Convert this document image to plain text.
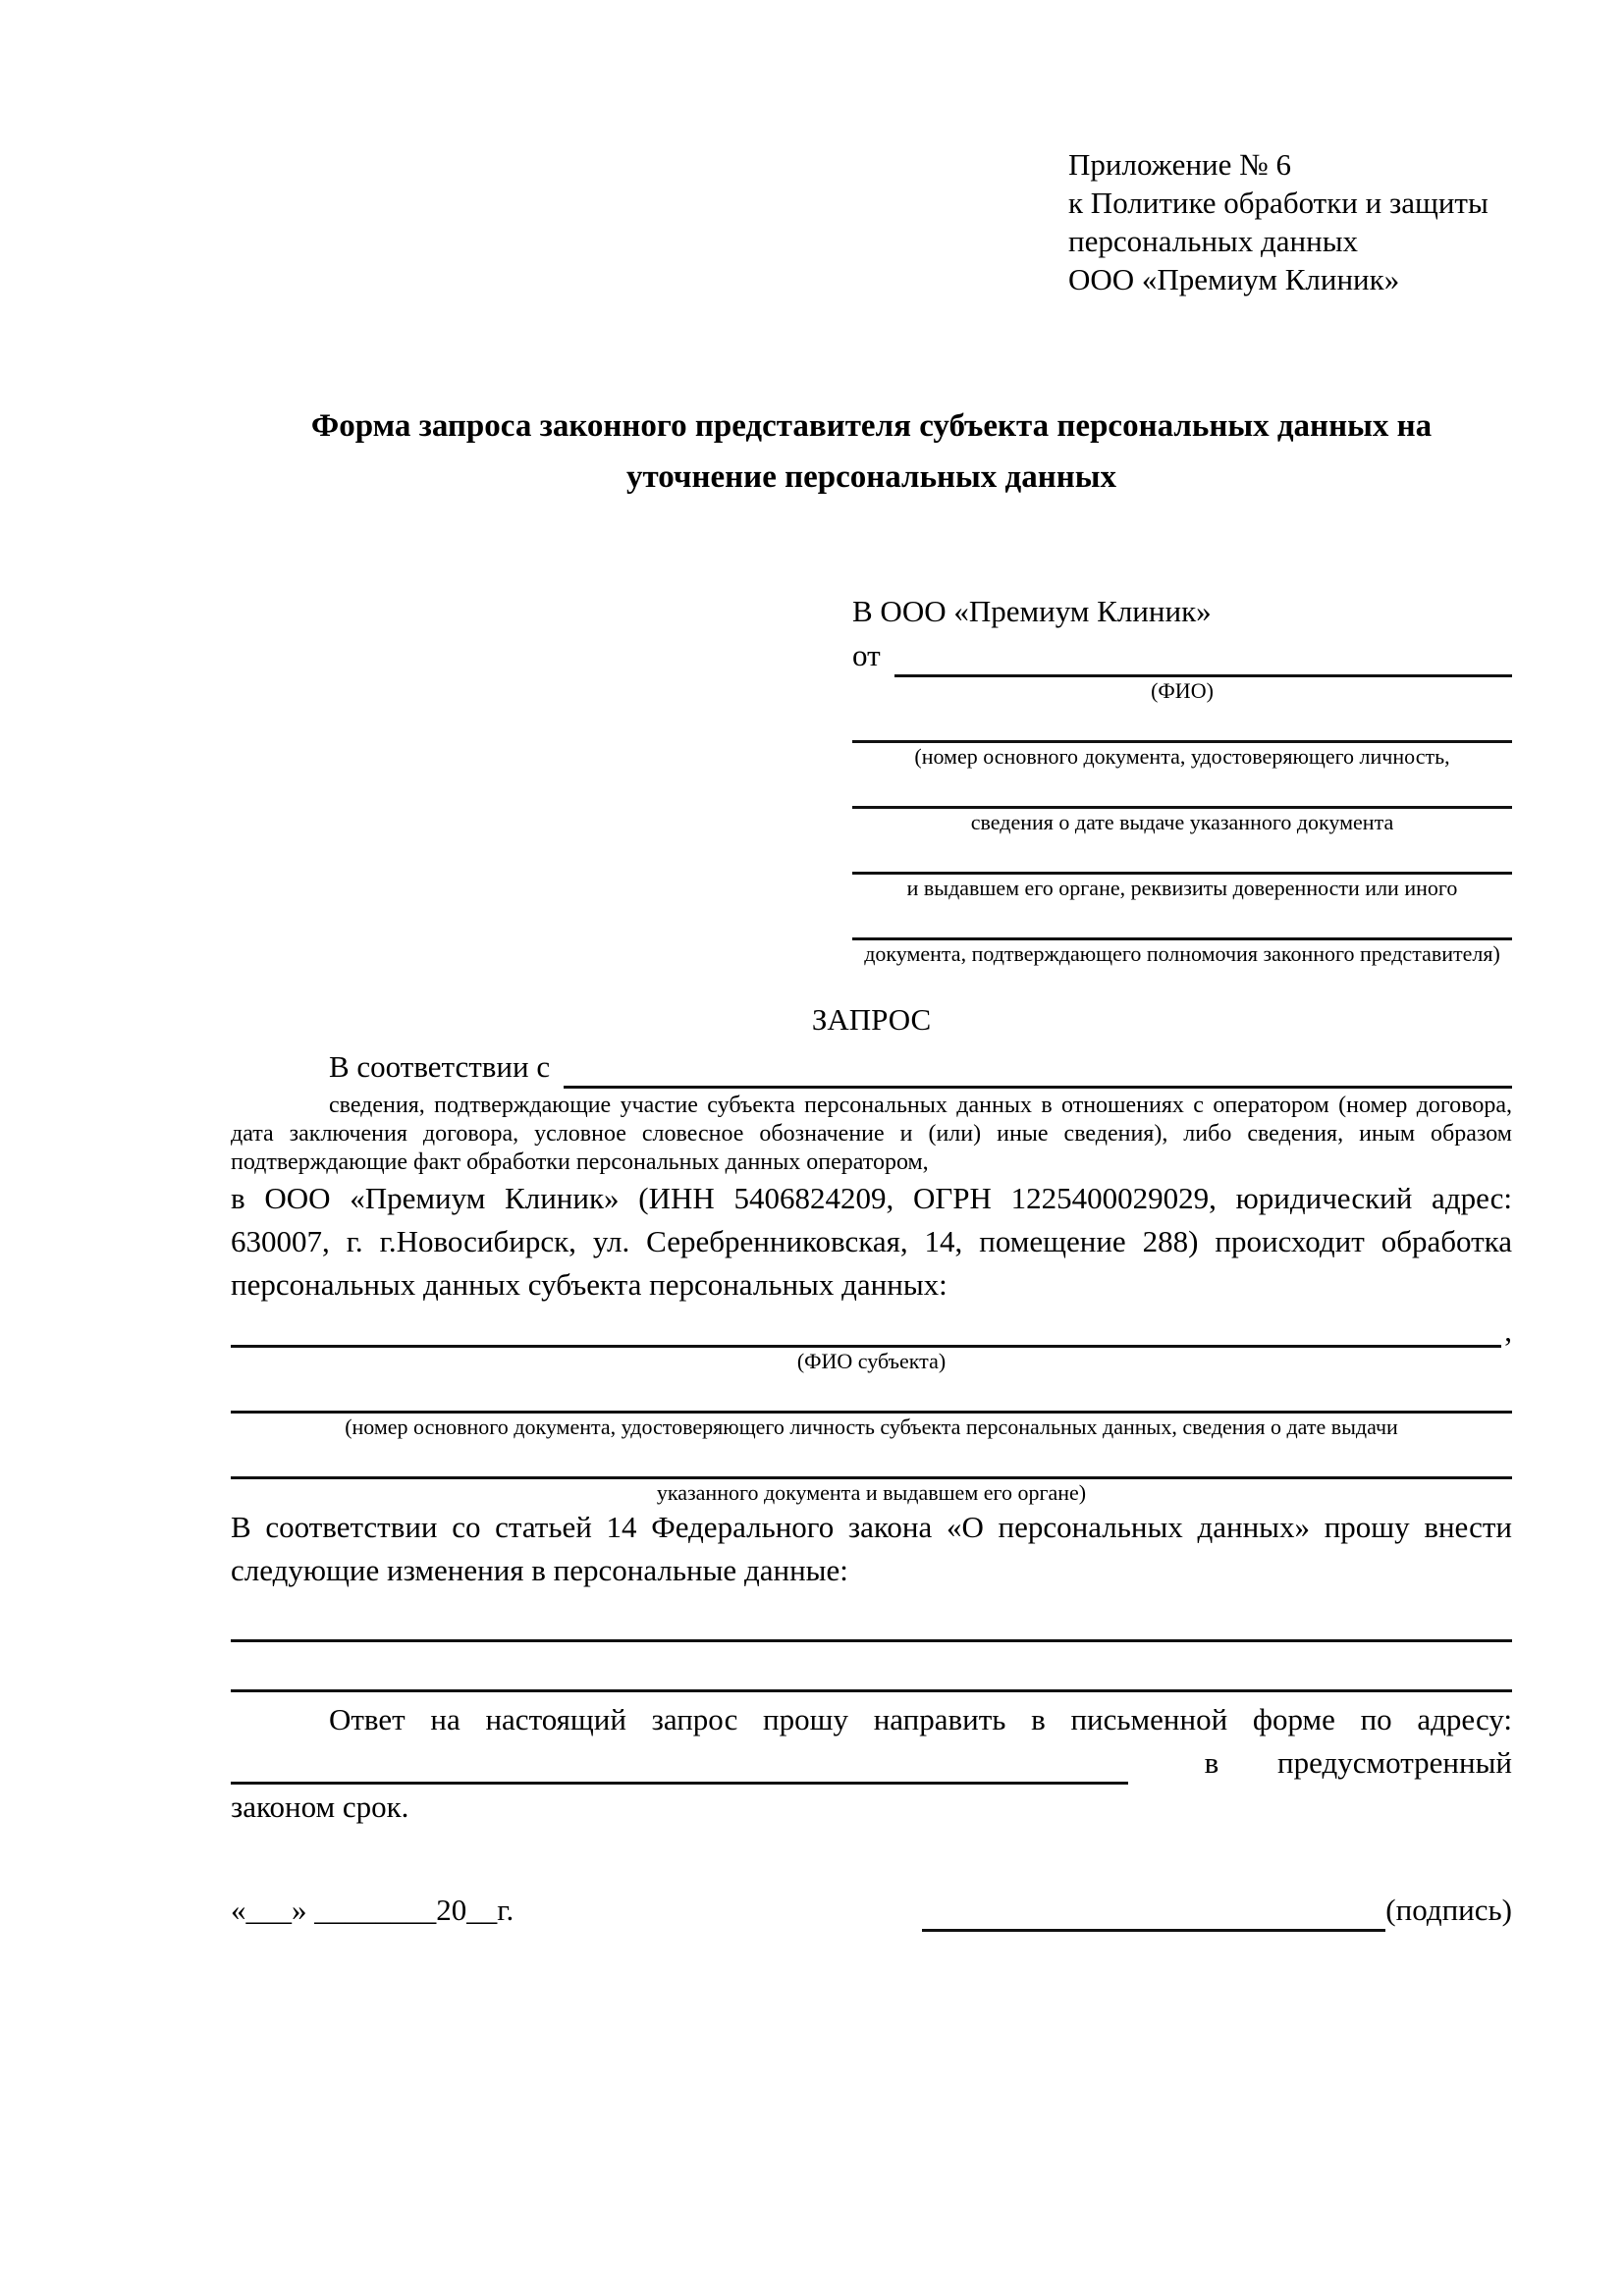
Приложение № 6
к Политике обработки и защиты
персональных данных
ООО «Премиум Клиник»
Форма запроса законного представителя субъекта персональных данных на уточнение персональных данных
В ООО «Премиум Клиник»
от
(ФИО)
(номер основного документа, удостоверяющего личность,
сведения о дате выдаче указанного документа
и выдавшем его органе, реквизиты доверенности или иного
документа, подтверждающего полномочия законного представителя)
ЗАПРОС
В соответствии с
сведения, подтверждающие участие субъекта персональных данных в отношениях с оператором (номер договора, дата заключения договора, условное словесное обозначение и (или) иные сведения), либо сведения, иным образом подтверждающие факт обработки персональных данных оператором,
в ООО «Премиум Клиник» (ИНН 5406824209, ОГРН 1225400029029, юридический адрес: 630007, г. г.Новосибирск, ул. Серебренниковская, 14, помещение 288) происходит обработка персональных данных субъекта персональных данных:
,
(ФИО субъекта)
(номер основного документа, удостоверяющего личность субъекта персональных данных, сведения о дате выдачи
указанного документа и выдавшем его органе)
В соответствии со статьей 14 Федерального закона «О персональных данных» прошу внести следующие изменения в персональные данные:
Ответ на настоящий запрос прошу направить в письменной форме по адресу:
в предусмотренный
законом срок.
«___» ________20__г.	(подпись)
